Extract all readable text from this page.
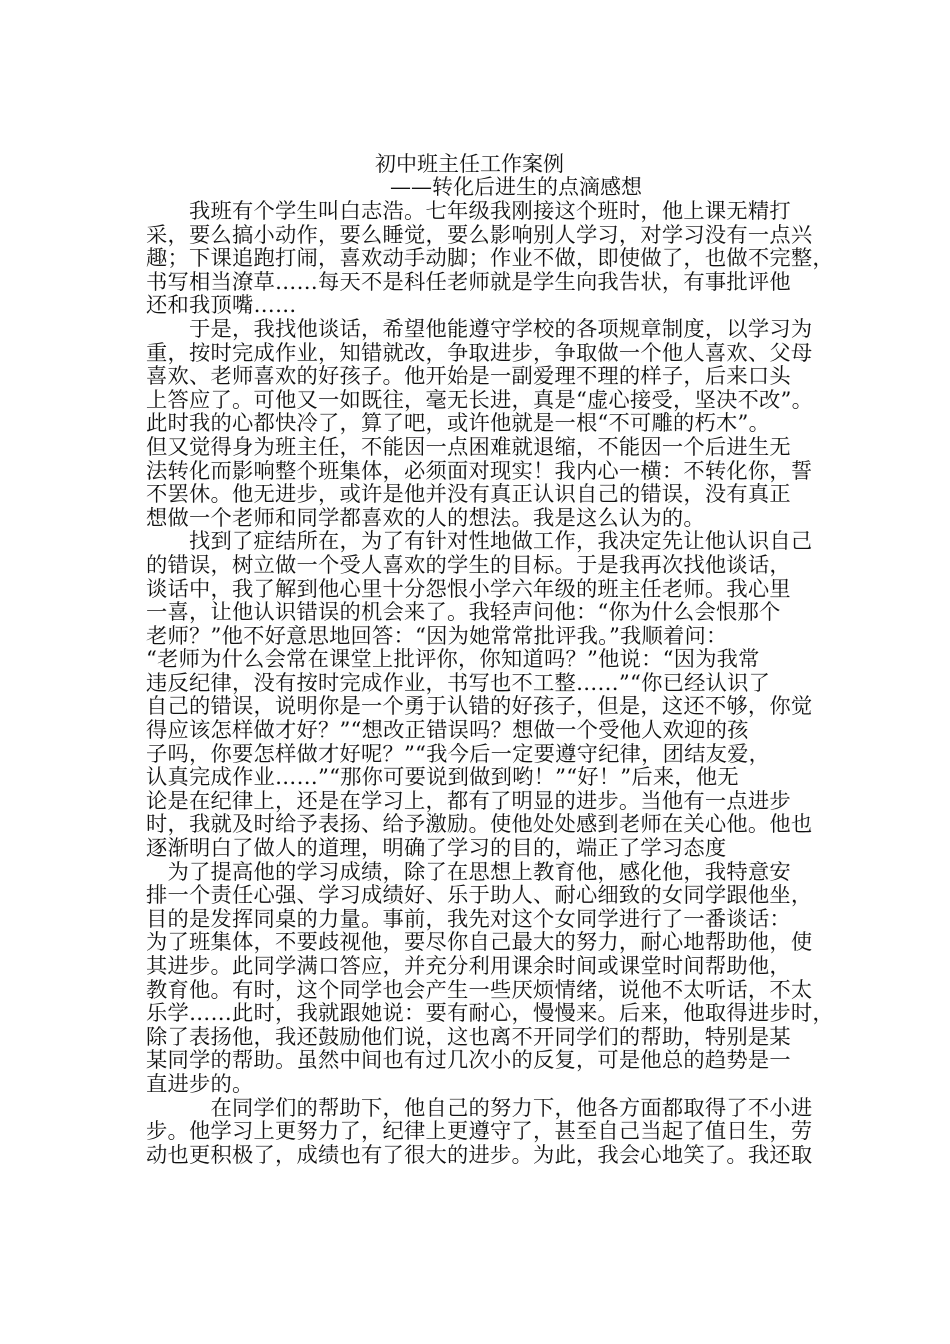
初中班主任工作案例
——转化后进生的点滴感想

　　我班有个学生叫白志浩。七年级我刚接这个班时，他上课无精打
采，要么搞小动作，要么睡觉，要么影响别人学习，对学习没有一点兴
趣；下课追跑打闹，喜欢动手动脚；作业不做，即使做了，也做不完整，
书写相当潦草……每天不是科任老师就是学生向我告状，有事批评他
还和我顶嘴……

　　于是，我找他谈话，希望他能遵守学校的各项规章制度，以学习为
重，按时完成作业，知错就改，争取进步，争取做一个他人喜欢、父母
喜欢、老师喜欢的好孩子。他开始是一副爱理不理的样子，后来口头
上答应了。可他又一如既往，毫无长进，真是“虚心接受，坚决不改”。
此时我的心都快冷了，算了吧，或许他就是一根“不可雕的朽木”。
但又觉得身为班主任，不能因一点困难就退缩，不能因一个后进生无
法转化而影响整个班集体，必须面对现实！我内心一横：不转化你，誓
不罢休。他无进步，或许是他并没有真正认识自己的错误，没有真正
想做一个老师和同学都喜欢的人的想法。我是这么认为的。

　　找到了症结所在，为了有针对性地做工作，我决定先让他认识自己
的错误，树立做一个受人喜欢的学生的目标。于是我再次找他谈话，
谈话中，我了解到他心里十分怨恨小学六年级的班主任老师。我心里
一喜，让他认识错误的机会来了。我轻声问他：“你为什么会恨那个
老师？”他不好意思地回答：“因为她常常批评我。”我顺着问：
“老师为什么会常在课堂上批评你，你知道吗？”他说：“因为我常
违反纪律，没有按时完成作业，书写也不工整……”“你已经认识了
自己的错误，说明你是一个勇于认错的好孩子，但是，这还不够，你觉
得应该怎样做才好？”“想改正错误吗？想做一个受他人欢迎的孩
子吗，你要怎样做才好呢？”“我今后一定要遵守纪律，团结友爱，
认真完成作业……”“那你可要说到做到哟！”“好！”后来，他无
论是在纪律上，还是在学习上，都有了明显的进步。当他有一点进步
时，我就及时给予表扬、给予激励。使他处处感到老师在关心他。他也
逐渐明白了做人的道理，明确了学习的目的，端正了学习态度

　为了提高他的学习成绩，除了在思想上教育他，感化他，我特意安
排一个责任心强、学习成绩好、乐于助人、耐心细致的女同学跟他坐，
目的是发挥同桌的力量。事前，我先对这个女同学进行了一番谈话：
为了班集体，不要歧视他，要尽你自己最大的努力，耐心地帮助他，使
其进步。此同学满口答应，并充分利用课余时间或课堂时间帮助他，
教育他。有时，这个同学也会产生一些厌烦情绪，说他不太听话，不太
乐学……此时，我就跟她说：要有耐心，慢慢来。后来，他取得进步时，
除了表扬他，我还鼓励他们说，这也离不开同学们的帮助，特别是某
某同学的帮助。虽然中间也有过几次小的反复，可是他总的趋势是一
直进步的。

　　　在同学们的帮助下，他自己的努力下，他各方面都取得了不小进
步。他学习上更努力了，纪律上更遵守了，甚至自己当起了值日生，劳
动也更积极了，成绩也有了很大的进步。为此，我会心地笑了。我还取
